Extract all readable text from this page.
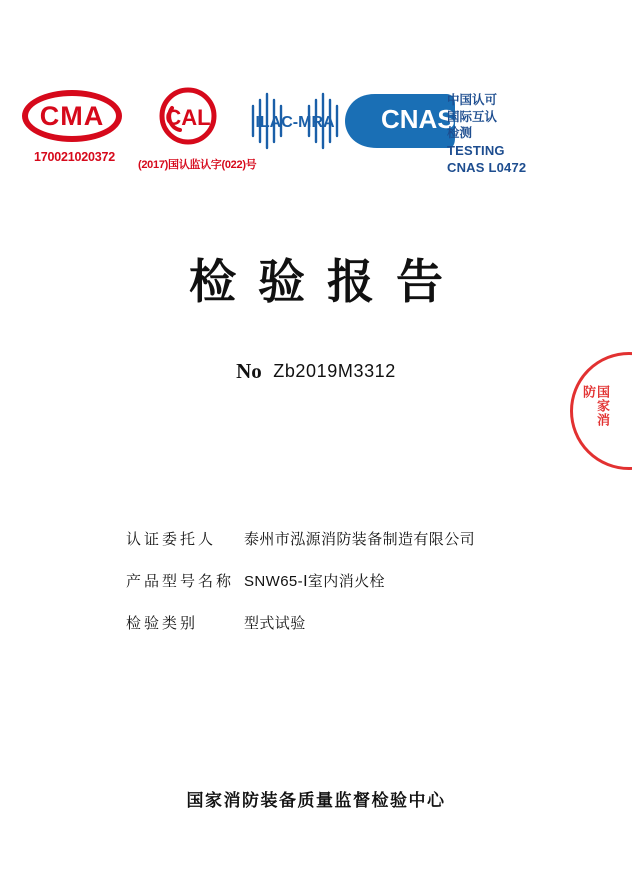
CMA
170021020372
CAL
(2017)国认监认字(022)号
ILAC-MRA CNAS
中国认可
国际互认
检测
TESTING
CNAS L0472
检验报告
No Zb2019M3312
认证委托人	泰州市泓源消防装备制造有限公司
产品型号名称 SNW65-Ⅰ室内消火栓
检验类别	型式试验
国家消防
国家消防装备质量监督检验中心
